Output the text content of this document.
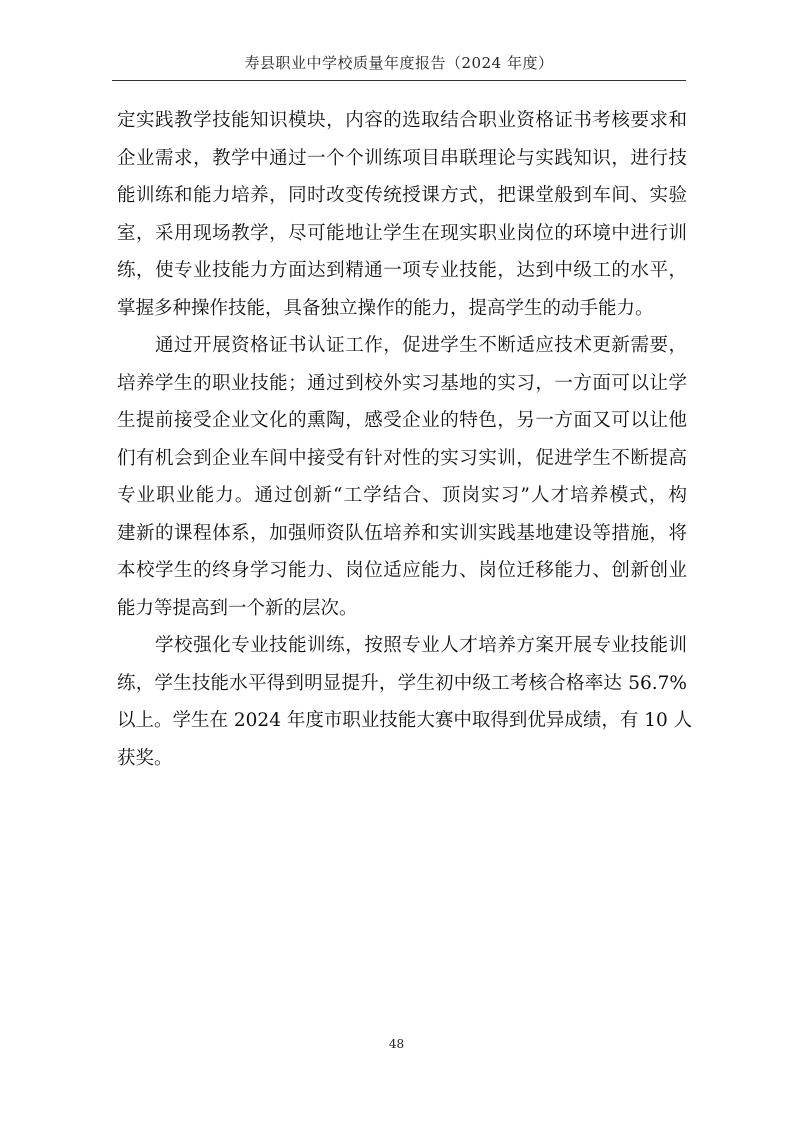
寿县职业中学校质量年度报告（2024 年度）
定实践教学技能知识模块，内容的选取结合职业资格证书考核要求和
企业需求，教学中通过一个个训练项目串联理论与实践知识，进行技
能训练和能力培养，同时改变传统授课方式，把课堂般到车间、实验
室，采用现场教学，尽可能地让学生在现实职业岗位的环境中进行训
练，使专业技能力方面达到精通一项专业技能，达到中级工的水平，
掌握多种操作技能，具备独立操作的能力，提高学生的动手能力。
　　通过开展资格证书认证工作，促进学生不断适应技术更新需要，
培养学生的职业技能；通过到校外实习基地的实习，一方面可以让学
生提前接受企业文化的熏陶，感受企业的特色，另一方面又可以让他
们有机会到企业车间中接受有针对性的实习实训，促进学生不断提高
专业职业能力。通过创新“工学结合、顶岗实习”人才培养模式，构
建新的课程体系，加强师资队伍培养和实训实践基地建设等措施，将
本校学生的终身学习能力、岗位适应能力、岗位迁移能力、创新创业
能力等提高到一个新的层次。
　　学校强化专业技能训练，按照专业人才培养方案开展专业技能训
练，学生技能水平得到明显提升，学生初中级工考核合格率达 56.7%
以上。学生在 2024 年度市职业技能大赛中取得到优异成绩，有 10 人
获奖。
48
